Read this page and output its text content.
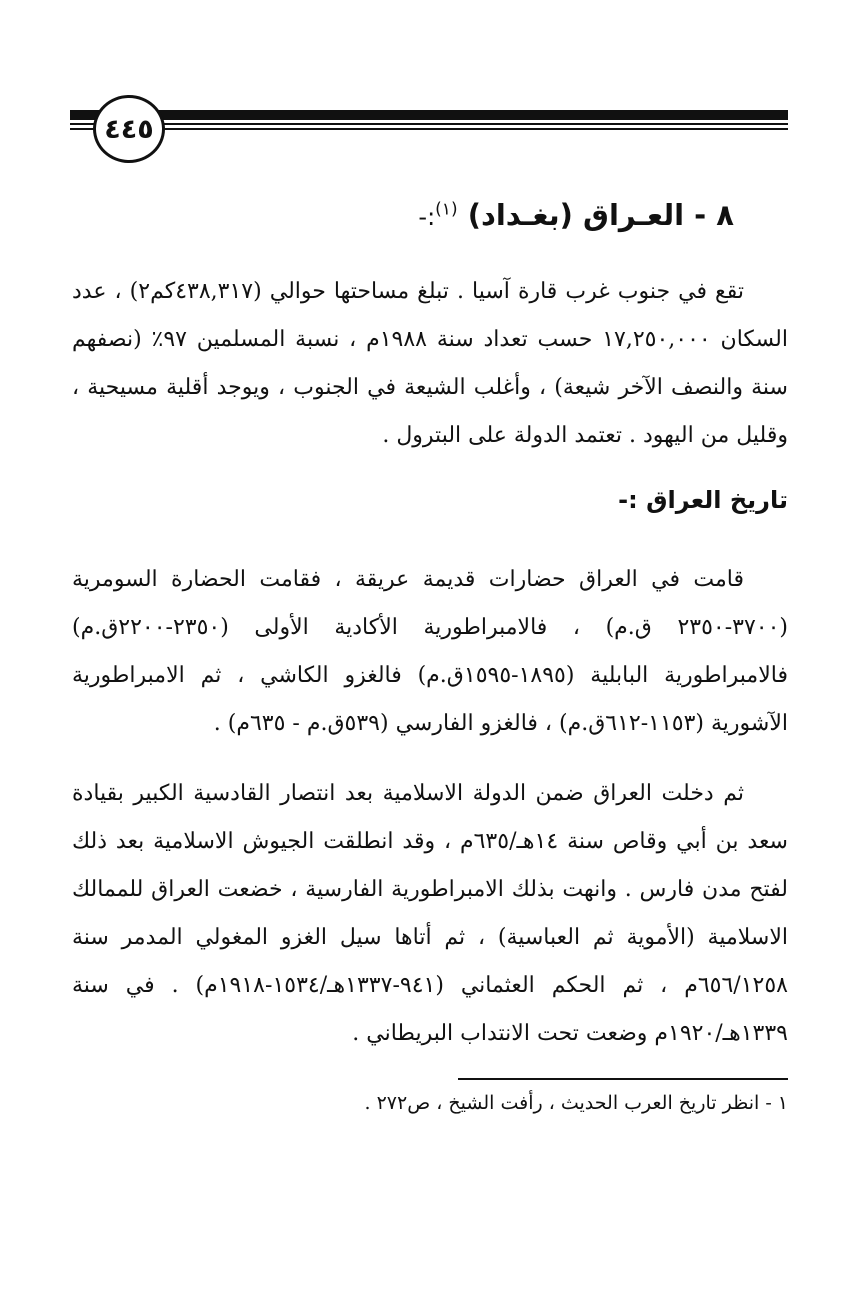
٤٤٥
٨ - العـراق (بغـداد) $^{(١)}$:-

تقع في جنوب غرب قارة آسيا . تبلغ مساحتها حوالي (٤٣٨,٣١٧كم٢) ، عدد السكان ١٧,٢٥٠,٠٠٠ حسب تعداد سنة ١٩٨٨م ، نسبة المسلمين ٩٧٪ (نصفهم سنة والنصف الآخر شيعة) ، وأغلب الشيعة في الجنوب ، ويوجد أقلية مسيحية ، وقليل من اليهود . تعتمد الدولة على البترول .

تاريخ العراق :-

قامت في العراق حضارات قديمة عريقة ، فقامت الحضارة السومرية (٣٧٠٠-٢٣٥٠ ق.م) ، فالامبراطورية الأكادية الأولى (٢٣٥٠-٢٢٠٠ق.م) فالامبراطورية البابلية (١٨٩٥-١٥٩٥ق.م) فالغزو الكاشي ، ثم الامبراطورية الآشورية (١١٥٣-٦١٢ق.م) ، فالغزو الفارسي (٥٣٩ق.م - ٦٣٥م) .

ثم دخلت العراق ضمن الدولة الاسلامية بعد انتصار القادسية الكبير بقيادة سعد بن أبي وقاص سنة ١٤هـ/٦٣٥م ، وقد انطلقت الجيوش الاسلامية بعد ذلك لفتح مدن فارس . وانهت بذلك الامبراطورية الفارسية ، خضعت العراق للممالك الاسلامية (الأموية ثم العباسية) ، ثم أتاها سيل الغزو المغولي المدمر سنة ٦٥٦/١٢٥٨م ، ثم الحكم العثماني (٩٤١-١٣٣٧هـ/١٥٣٤-١٩١٨م) . في سنة ١٣٣٩هـ/١٩٢٠م وضعت تحت الانتداب البريطاني .

١ - انظر تاريخ العرب الحديث ، رأفت الشيخ ، ص٢٧٢ .
